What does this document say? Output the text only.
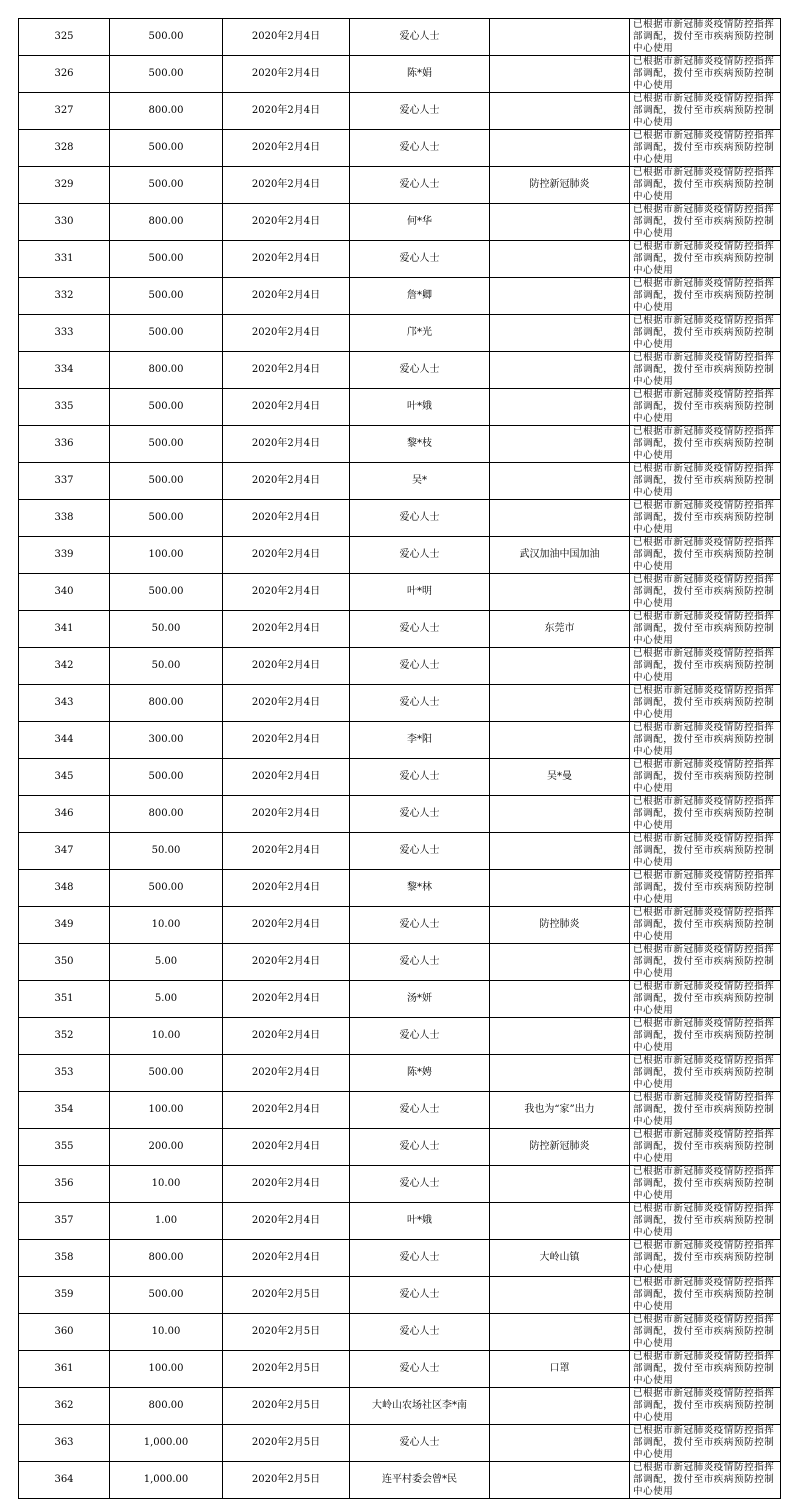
325	500.00	2020年2月4日	爱心人士		已根据市新冠肺炎疫情防控指挥部调配，拨付至市疾病预防控制中心使用
326	500.00	2020年2月4日	陈*娟		已根据市新冠肺炎疫情防控指挥部调配，拨付至市疾病预防控制中心使用
327	800.00	2020年2月4日	爱心人士		已根据市新冠肺炎疫情防控指挥部调配，拨付至市疾病预防控制中心使用
328	500.00	2020年2月4日	爱心人士		已根据市新冠肺炎疫情防控指挥部调配，拨付至市疾病预防控制中心使用
329	500.00	2020年2月4日	爱心人士	防控新冠肺炎	已根据市新冠肺炎疫情防控指挥部调配，拨付至市疾病预防控制中心使用
330	800.00	2020年2月4日	何*华		已根据市新冠肺炎疫情防控指挥部调配，拨付至市疾病预防控制中心使用
331	500.00	2020年2月4日	爱心人士		已根据市新冠肺炎疫情防控指挥部调配，拨付至市疾病预防控制中心使用
332	500.00	2020年2月4日	詹*卿		已根据市新冠肺炎疫情防控指挥部调配，拨付至市疾病预防控制中心使用
333	500.00	2020年2月4日	邝*光		已根据市新冠肺炎疫情防控指挥部调配，拨付至市疾病预防控制中心使用
334	800.00	2020年2月4日	爱心人士		已根据市新冠肺炎疫情防控指挥部调配，拨付至市疾病预防控制中心使用
335	500.00	2020年2月4日	叶*娥		已根据市新冠肺炎疫情防控指挥部调配，拨付至市疾病预防控制中心使用
336	500.00	2020年2月4日	黎*枝		已根据市新冠肺炎疫情防控指挥部调配，拨付至市疾病预防控制中心使用
337	500.00	2020年2月4日	吴*		已根据市新冠肺炎疫情防控指挥部调配，拨付至市疾病预防控制中心使用
338	500.00	2020年2月4日	爱心人士		已根据市新冠肺炎疫情防控指挥部调配，拨付至市疾病预防控制中心使用
339	100.00	2020年2月4日	爱心人士	武汉加油中国加油	已根据市新冠肺炎疫情防控指挥部调配，拨付至市疾病预防控制中心使用
340	500.00	2020年2月4日	叶*明		已根据市新冠肺炎疫情防控指挥部调配，拨付至市疾病预防控制中心使用
341	50.00	2020年2月4日	爱心人士	东莞市	已根据市新冠肺炎疫情防控指挥部调配，拨付至市疾病预防控制中心使用
342	50.00	2020年2月4日	爱心人士		已根据市新冠肺炎疫情防控指挥部调配，拨付至市疾病预防控制中心使用
343	800.00	2020年2月4日	爱心人士		已根据市新冠肺炎疫情防控指挥部调配，拨付至市疾病预防控制中心使用
344	300.00	2020年2月4日	李*阳		已根据市新冠肺炎疫情防控指挥部调配，拨付至市疾病预防控制中心使用
345	500.00	2020年2月4日	爱心人士	吴*曼	已根据市新冠肺炎疫情防控指挥部调配，拨付至市疾病预防控制中心使用
346	800.00	2020年2月4日	爱心人士		已根据市新冠肺炎疫情防控指挥部调配，拨付至市疾病预防控制中心使用
347	50.00	2020年2月4日	爱心人士		已根据市新冠肺炎疫情防控指挥部调配，拨付至市疾病预防控制中心使用
348	500.00	2020年2月4日	黎*林		已根据市新冠肺炎疫情防控指挥部调配，拨付至市疾病预防控制中心使用
349	10.00	2020年2月4日	爱心人士	防控肺炎	已根据市新冠肺炎疫情防控指挥部调配，拨付至市疾病预防控制中心使用
350	5.00	2020年2月4日	爱心人士		已根据市新冠肺炎疫情防控指挥部调配，拨付至市疾病预防控制中心使用
351	5.00	2020年2月4日	汤*妍		已根据市新冠肺炎疫情防控指挥部调配，拨付至市疾病预防控制中心使用
352	10.00	2020年2月4日	爱心人士		已根据市新冠肺炎疫情防控指挥部调配，拨付至市疾病预防控制中心使用
353	500.00	2020年2月4日	陈*娉		已根据市新冠肺炎疫情防控指挥部调配，拨付至市疾病预防控制中心使用
354	100.00	2020年2月4日	爱心人士	我也为“家”出力	已根据市新冠肺炎疫情防控指挥部调配，拨付至市疾病预防控制中心使用
355	200.00	2020年2月4日	爱心人士	防控新冠肺炎	已根据市新冠肺炎疫情防控指挥部调配，拨付至市疾病预防控制中心使用
356	10.00	2020年2月4日	爱心人士		已根据市新冠肺炎疫情防控指挥部调配，拨付至市疾病预防控制中心使用
357	1.00	2020年2月4日	叶*娥		已根据市新冠肺炎疫情防控指挥部调配，拨付至市疾病预防控制中心使用
358	800.00	2020年2月4日	爱心人士	大岭山镇	已根据市新冠肺炎疫情防控指挥部调配，拨付至市疾病预防控制中心使用
359	500.00	2020年2月5日	爱心人士		已根据市新冠肺炎疫情防控指挥部调配，拨付至市疾病预防控制中心使用
360	10.00	2020年2月5日	爱心人士		已根据市新冠肺炎疫情防控指挥部调配，拨付至市疾病预防控制中心使用
361	100.00	2020年2月5日	爱心人士	口罩	已根据市新冠肺炎疫情防控指挥部调配，拨付至市疾病预防控制中心使用
362	800.00	2020年2月5日	大岭山农场社区李*南		已根据市新冠肺炎疫情防控指挥部调配，拨付至市疾病预防控制中心使用
363	1,000.00	2020年2月5日	爱心人士		已根据市新冠肺炎疫情防控指挥部调配，拨付至市疾病预防控制中心使用
364	1,000.00	2020年2月5日	连平村委会曾*民		已根据市新冠肺炎疫情防控指挥部调配，拨付至市疾病预防控制中心使用
